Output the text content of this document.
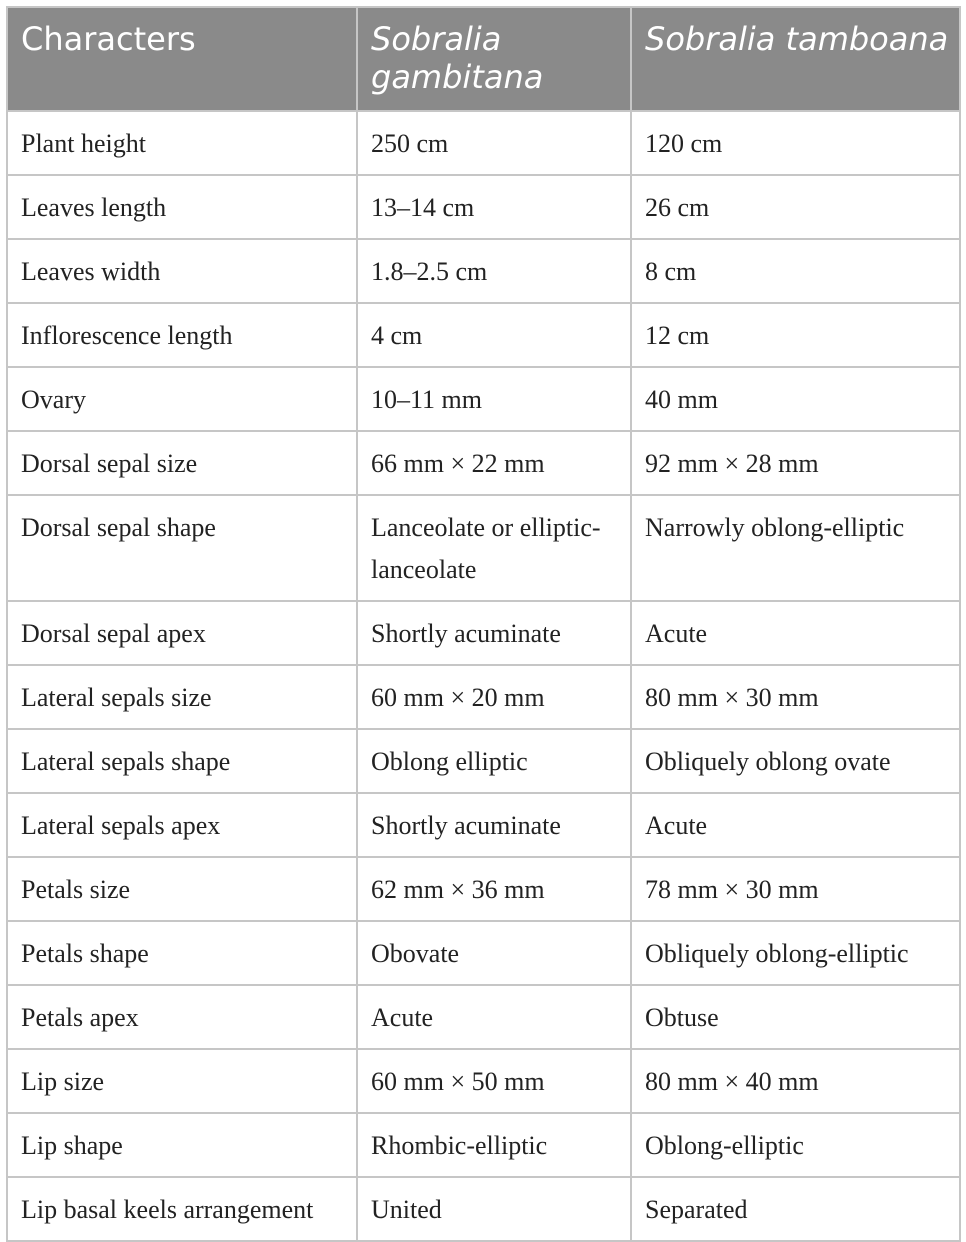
Characters	Sobralia gambitana	Sobralia tamboana
Plant height	250 cm	120 cm
Leaves length	13–14 cm	26 cm
Leaves width	1.8–2.5 cm	8 cm
Inflorescence length	4 cm	12 cm
Ovary	10–11 mm	40 mm
Dorsal sepal size	66 mm × 22 mm	92 mm × 28 mm
Dorsal sepal shape	Lanceolate or elliptic-lanceolate	Narrowly oblong-elliptic
Dorsal sepal apex	Shortly acuminate	Acute
Lateral sepals size	60 mm × 20 mm	80 mm × 30 mm
Lateral sepals shape	Oblong elliptic	Obliquely oblong ovate
Lateral sepals apex	Shortly acuminate	Acute
Petals size	62 mm × 36 mm	78 mm × 30 mm
Petals shape	Obovate	Obliquely oblong-elliptic
Petals apex	Acute	Obtuse
Lip size	60 mm × 50 mm	80 mm × 40 mm
Lip shape	Rhombic-elliptic	Oblong-elliptic
Lip basal keels arrangement	United	Separated
